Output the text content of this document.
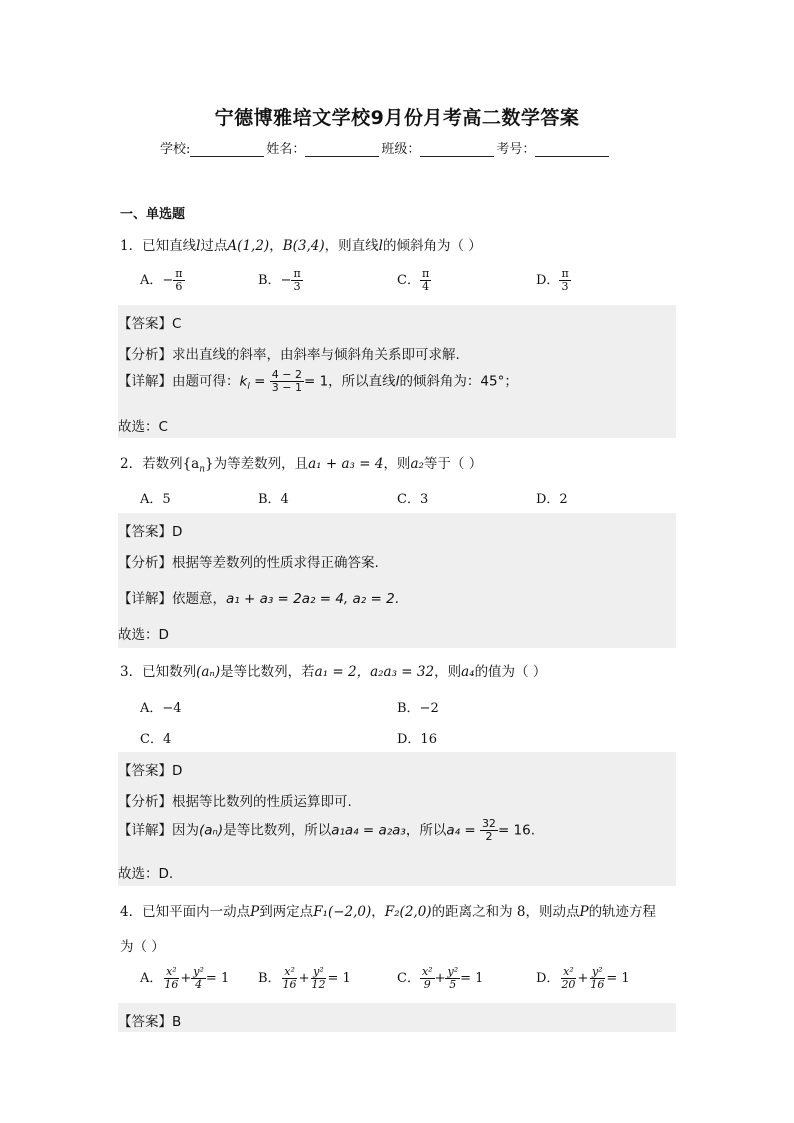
宁德博雅培文学校9月份月考高二数学答案
学校:	姓名：	班级：	考号：
一、单选题
1．已知直线l过点A(1,2)，B(3,4)，则直线l的倾斜角为（ ）
A．− $\frac{\pi}{6}$	B．− $\frac{\pi}{3}$	C． $\frac{\pi}{4}$	D． $\frac{\pi}{3}$
【答案】C
【分析】求出直线的斜率，由斜率与倾斜角关系即可求解.
【详解】由题可得：$k_l = \frac{4 - 2}{3 - 1} = 1$，所以直线l的倾斜角为：45°；
故选：C
2．若数列$\{a_n\}$为等差数列，且a₁ + a₃ = 4，则a₂等于（ ）
A．5	B．4	C．3	D．2
【答案】D
【分析】根据等差数列的性质求得正确答案.
【详解】依题意，a₁ + a₃ = 2a₂ = 4, a₂ = 2.
故选：D
3．已知数列(aₙ)是等比数列，若a₁ = 2，a₂a₃ = 32，则a₄的值为（ ）
A．−4	B．−2
C．4	D．16
【答案】D
【分析】根据等比数列的性质运算即可.
【详解】因为(aₙ)是等比数列，所以a₁a₄ = a₂a₃，所以$a_4 = \frac{32}{2} = 16$.
故选：D.
4．已知平面内一动点P到两定点F₁(−2,0)，F₂(2,0)的距离之和为 8，则动点P的轨迹方程
为（ ）
A． $\frac{\text{x²}}{16} + \frac{\text{y²}}{4} = 1$ B． $\frac{\text{x²}}{16} + \frac{\text{y²}}{12} = 1$	C． $\frac{\text{x²}}{9} + \frac{\text{y²}}{5} = 1$	D． $\frac{\text{x²}}{20} + \frac{\text{y²}}{16} = 1$
【答案】B
